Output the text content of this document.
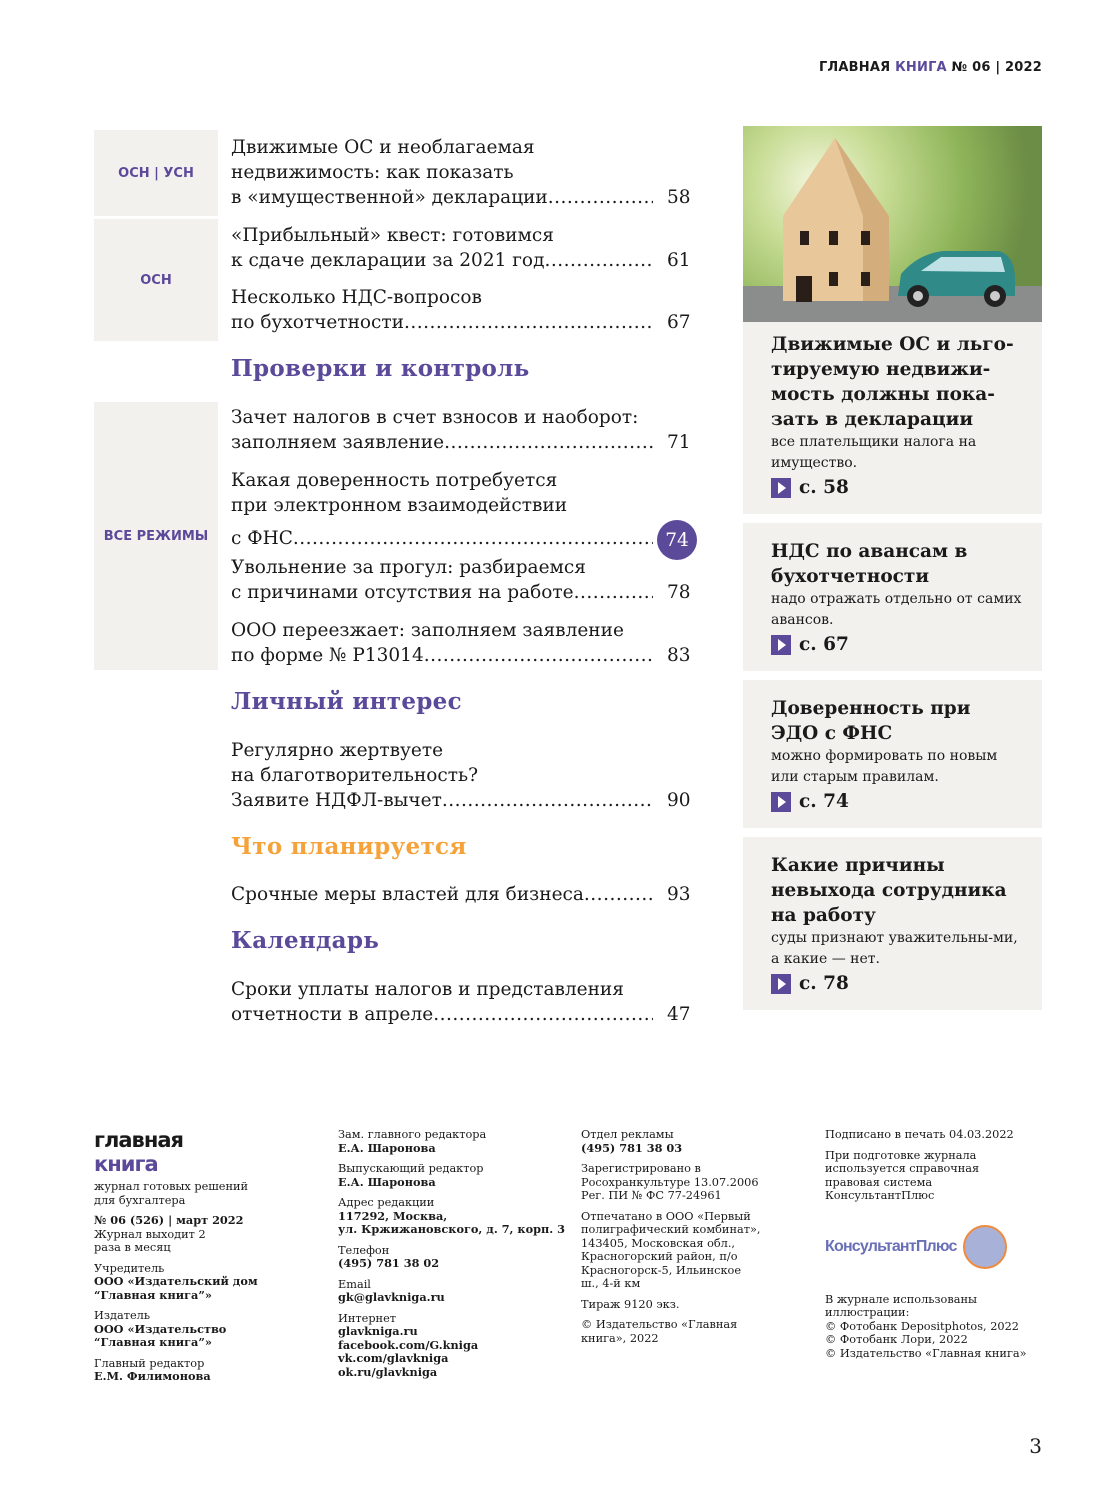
ГЛАВНАЯ КНИГА № 06 | 2022
ОСН | УСН
ОСН
ВСЕ РЕЖИМЫ
Проверки и контроль
Личный интерес
Что планируется
Календарь
Движимые ОС и необлагаемая
недвижимость: как показать
в «имущественной» декларации .....	58
«Прибыльный» квест: готовимся
к сдаче декларации за 2021 год .....	61
Несколько НДС-вопросов
по бухотчетности .....	67
Зачет налогов в счет взносов и наоборот:
заполняем заявление .....	71
Какая доверенность потребуется
при электронном взаимодействии
с ФНС .....	74
Увольнение за прогул: разбираемся
с причинами отсутствия на работе .....	78
ООО переезжает: заполняем заявление
по форме № Р13014 .....	83
Регулярно жертвуете
на благотворительность?
Заявите НДФЛ-вычет .....	90
Срочные меры властей для бизнеса .....	93
Сроки уплаты налогов и представления
отчетности в апреле .....	47
Движимые ОС и льго-тируемую недвижи-мость должны пока-зать в декларации

все плательщики налога на имущество.

с. 58
НДС по авансам в бухотчетности

надо отражать отдельно от самих авансов.

с. 67
Доверенность при ЭДО с ФНС

можно формировать по новым или старым правилам.

с. 74
Какие причины невыхода сотрудника на работу

суды признают уважительны-ми, а какие — нет.

с. 78
главная
книга
журнал готовых решений для бухгалтера
№ 06 (526) | март 2022
Журнал выходит 2 раза в месяц
Учредитель
ООО «Издательский дом “Главная книга”»
Издатель
ООО «Издательство “Главная книга”»
Главный редактор
Е.М. Филимонова
Зам. главного редактора
Е.А. Шаронова
Выпускающий редактор
Е.А. Шаронова
Адрес редакции
117292, Москва,
ул. Кржижановского, д. 7, корп. 3
Телефон
(495) 781 38 02
Email
gk@glavkniga.ru
Интернет
glavkniga.ru
facebook.com/G.kniga
vk.com/glavkniga
ok.ru/glavkniga
Отдел рекламы
(495) 781 38 03
Зарегистрировано в Росохранкультуре 13.07.2006 Рег. ПИ № ФС 77-24961
Отпечатано в ООО «Первый полиграфический комбинат», 143405, Московская обл., Красногорский район, п/о Красногорск-5, Ильинское ш., 4-й км
Тираж 9120 экз.
© Издательство «Главная книга», 2022
Подписано в печать 04.03.2022
При подготовке журнала используется справочная правовая система КонсультантПлюс
КонсультантПлюс
В журнале использованы иллюстрации:
© Фотобанк Depositphotos, 2022
© Фотобанк Лори, 2022
© Издательство «Главная книга»
3
